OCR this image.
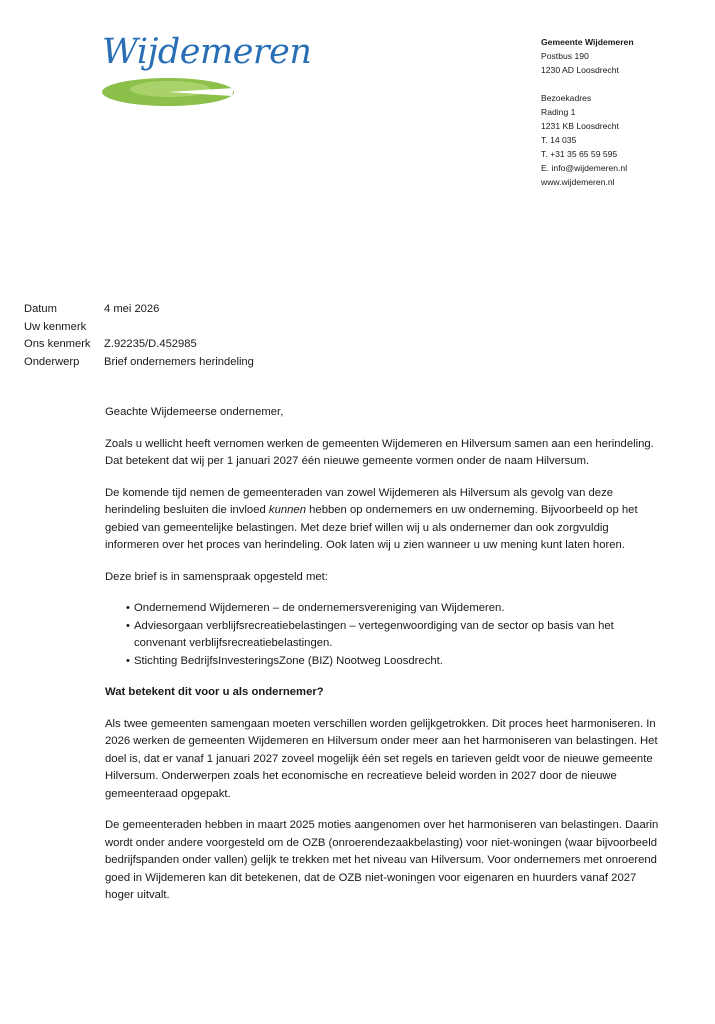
Wijdemeren	Gemeente Wijdemeren
Postbus 190
1230 AD Loosdrecht
Bezoekadres
Rading 1
1231 KB Loosdrecht
T. 14 035
T. +31 35 65 59 595
E. info@wijdemeren.nl
www.wijdemeren.nl
Datum	4 mei 2026
Uw kenmerk
Ons kenmerk	Z.92235/D.452985
Onderwerp	Brief ondernemers herindeling

Geachte Wijdemeerse ondernemer,

Zoals u wellicht heeft vernomen werken de gemeenten Wijdemeren en Hilversum samen aan een herindeling. Dat betekent dat wij per 1 januari 2027 één nieuwe gemeente vormen onder de naam Hilversum.

De komende tijd nemen de gemeenteraden van zowel Wijdemeren als Hilversum als gevolg van deze herindeling besluiten die invloed kunnen hebben op ondernemers en uw onderneming. Bijvoorbeeld op het gebied van gemeentelijke belastingen. Met deze brief willen wij u als ondernemer dan ook zorgvuldig informeren over het proces van herindeling. Ook laten wij u zien wanneer u uw mening kunt laten horen.

Deze brief is in samenspraak opgesteld met:

• Ondernemend Wijdemeren – de ondernemersvereniging van Wijdemeren.
• Adviesorgaan verblijfsrecreatiebelastingen – vertegenwoordiging van de sector op basis van het convenant verblijfsrecreatiebelastingen.
• Stichting BedrijfsInvesteringsZone (BIZ) Nootweg Loosdrecht.
Wat betekent dit voor u als ondernemer?

Als twee gemeenten samengaan moeten verschillen worden gelijkgetrokken. Dit proces heet harmoniseren. In 2026 werken de gemeenten Wijdemeren en Hilversum onder meer aan het harmoniseren van belastingen. Het doel is, dat er vanaf 1 januari 2027 zoveel mogelijk één set regels en tarieven geldt voor de nieuwe gemeente Hilversum. Onderwerpen zoals het economische en recreatieve beleid worden in 2027 door de nieuwe gemeenteraad opgepakt.

De gemeenteraden hebben in maart 2025 moties aangenomen over het harmoniseren van belastingen. Daarin wordt onder andere voorgesteld om de OZB (onroerendezaakbelasting) voor niet-woningen (waar bijvoorbeeld bedrijfspanden onder vallen) gelijk te trekken met het niveau van Hilversum. Voor ondernemers met onroerend goed in Wijdemeren kan dit betekenen, dat de OZB niet-woningen voor eigenaren en huurders vanaf 2027 hoger uitvalt.
